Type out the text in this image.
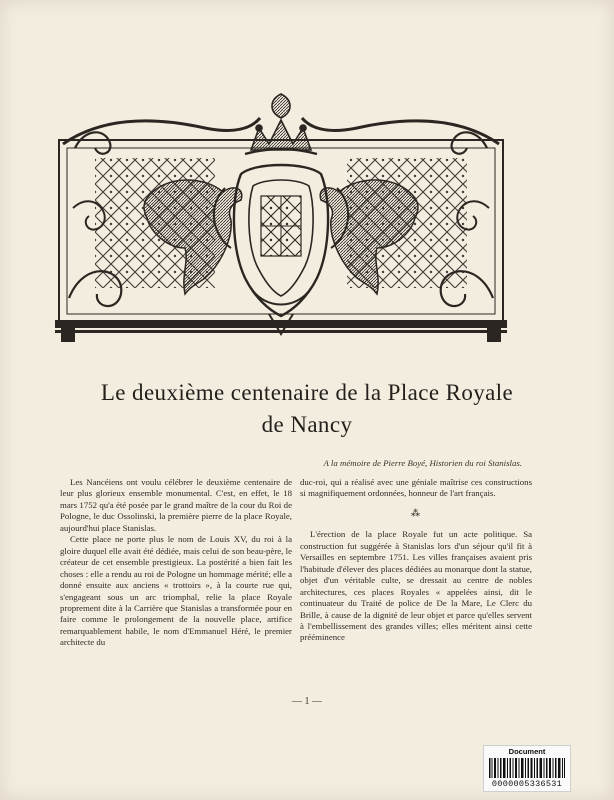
Le deuxième centenaire de la Place Royale
de Nancy
A la mémoire de Pierre Boyé, Historien du roi Stanislas.

Les Nancéiens ont voulu célébrer le deuxième centenaire de leur plus glorieux ensemble monumental. C'est, en effet, le 18 mars 1752 qu'a été posée par le grand maître de la cour du Roi de Pologne, le duc Ossolinski, la première pierre de la place Royale, aujourd'hui place Stanislas.

Cette place ne porte plus le nom de Louis XV, du roi à la gloire duquel elle avait été dédiée, mais celui de son beau-père, le créateur de cet ensemble prestigieux. La postérité a bien fait les choses : elle a rendu au roi de Pologne un hommage mérité; elle a donné ensuite aux anciens « trottoirs », à la courte rue qui, s'engageant sous un arc triomphal, relie la place Royale proprement dite à la Carrière que Stanislas a transformée pour en faire comme le prolongement de la nouvelle place, artifice remarquablement habile, le nom d'Emmanuel Héré, le premier architecte du

duc-roi, qui a réalisé avec une géniale maîtrise ces constructions si magnifiquement ordonnées, honneur de l'art français.

⁂

L'érection de la place Royale fut un acte politique. Sa construction fut suggérée à Stanislas lors d'un séjour qu'il fit à Versailles en septembre 1751. Les villes françaises avaient pris l'habitude d'élever des places dédiées au monarque dont la statue, objet d'un véritable culte, se dressait au centre de nobles architectures, ces places Royales « appelées ainsi, dit le continuateur du Traité de police de De la Mare, Le Clerc du Brille, à cause de la dignité de leur objet et parce qu'elles servent à l'embellissement des grandes villes; elles méritent ainsi cette prééminence

— 1 —
Document
0000005336531
